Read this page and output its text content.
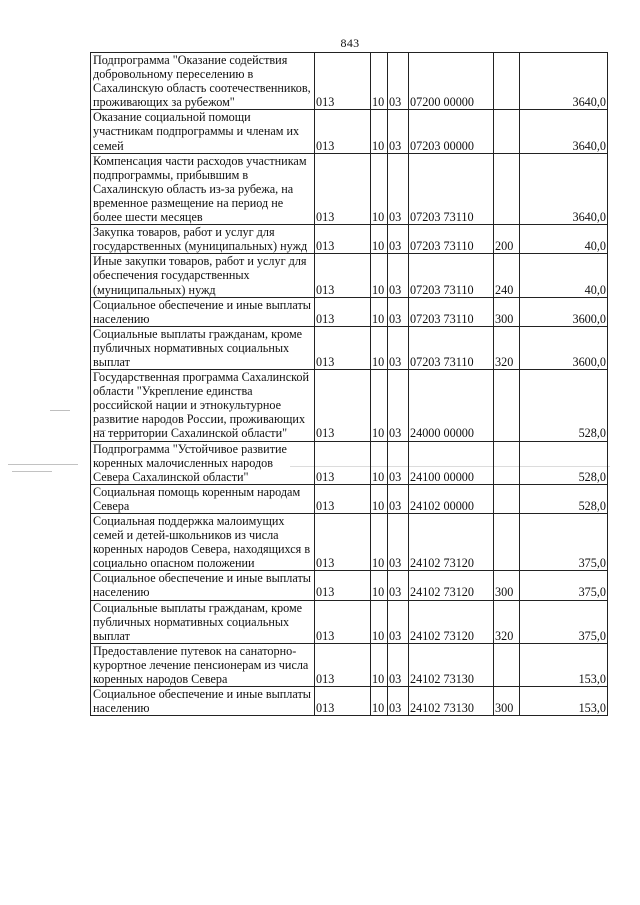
843
Подпрограмма "Оказание содействия добровольному переселению в Сахалинскую область соотечественников, проживающих за рубежом"	013	10	03	07200 00000		3640,0
Оказание социальной помощи участникам подпрограммы и членам их семей	013	10	03	07203 00000		3640,0
Компенсация части расходов участникам подпрограммы, прибывшим в Сахалинскую область из-за рубежа, на временное размещение на период не более шести месяцев	013	10	03	07203 73110		3640,0
Закупка товаров, работ и услуг для государственных (муниципальных) нужд	013	10	03	07203 73110	200	40,0
Иные закупки товаров, работ и услуг для обеспечения государственных (муниципальных) нужд	013	10	03	07203 73110	240	40,0
Социальное обеспечение и иные выплаты населению	013	10	03	07203 73110	300	3600,0
Социальные выплаты гражданам, кроме публичных нормативных социальных выплат	013	10	03	07203 73110	320	3600,0
Государственная программа Сахалинской области "Укрепление единства российской нации и этнокультурное развитие народов России, проживающих на территории Сахалинской области"	013	10	03	24000 00000		528,0
Подпрограмма "Устойчивое развитие коренных малочисленных народов Севера Сахалинской области"	013	10	03	24100 00000		528,0
Социальная помощь коренным народам Севера	013	10	03	24102 00000		528,0
Социальная поддержка малоимущих семей и детей-школьников из числа коренных народов Севера, находящихся в социально опасном положении	013	10	03	24102 73120		375,0
Социальное обеспечение и иные выплаты населению	013	10	03	24102 73120	300	375,0
Социальные выплаты гражданам, кроме публичных нормативных социальных выплат	013	10	03	24102 73120	320	375,0
Предоставление путевок на санаторно-курортное лечение пенсионерам из числа коренных народов Севера	013	10	03	24102 73130		153,0
Социальное обеспечение и иные выплаты населению	013	10	03	24102 73130	300	153,0
